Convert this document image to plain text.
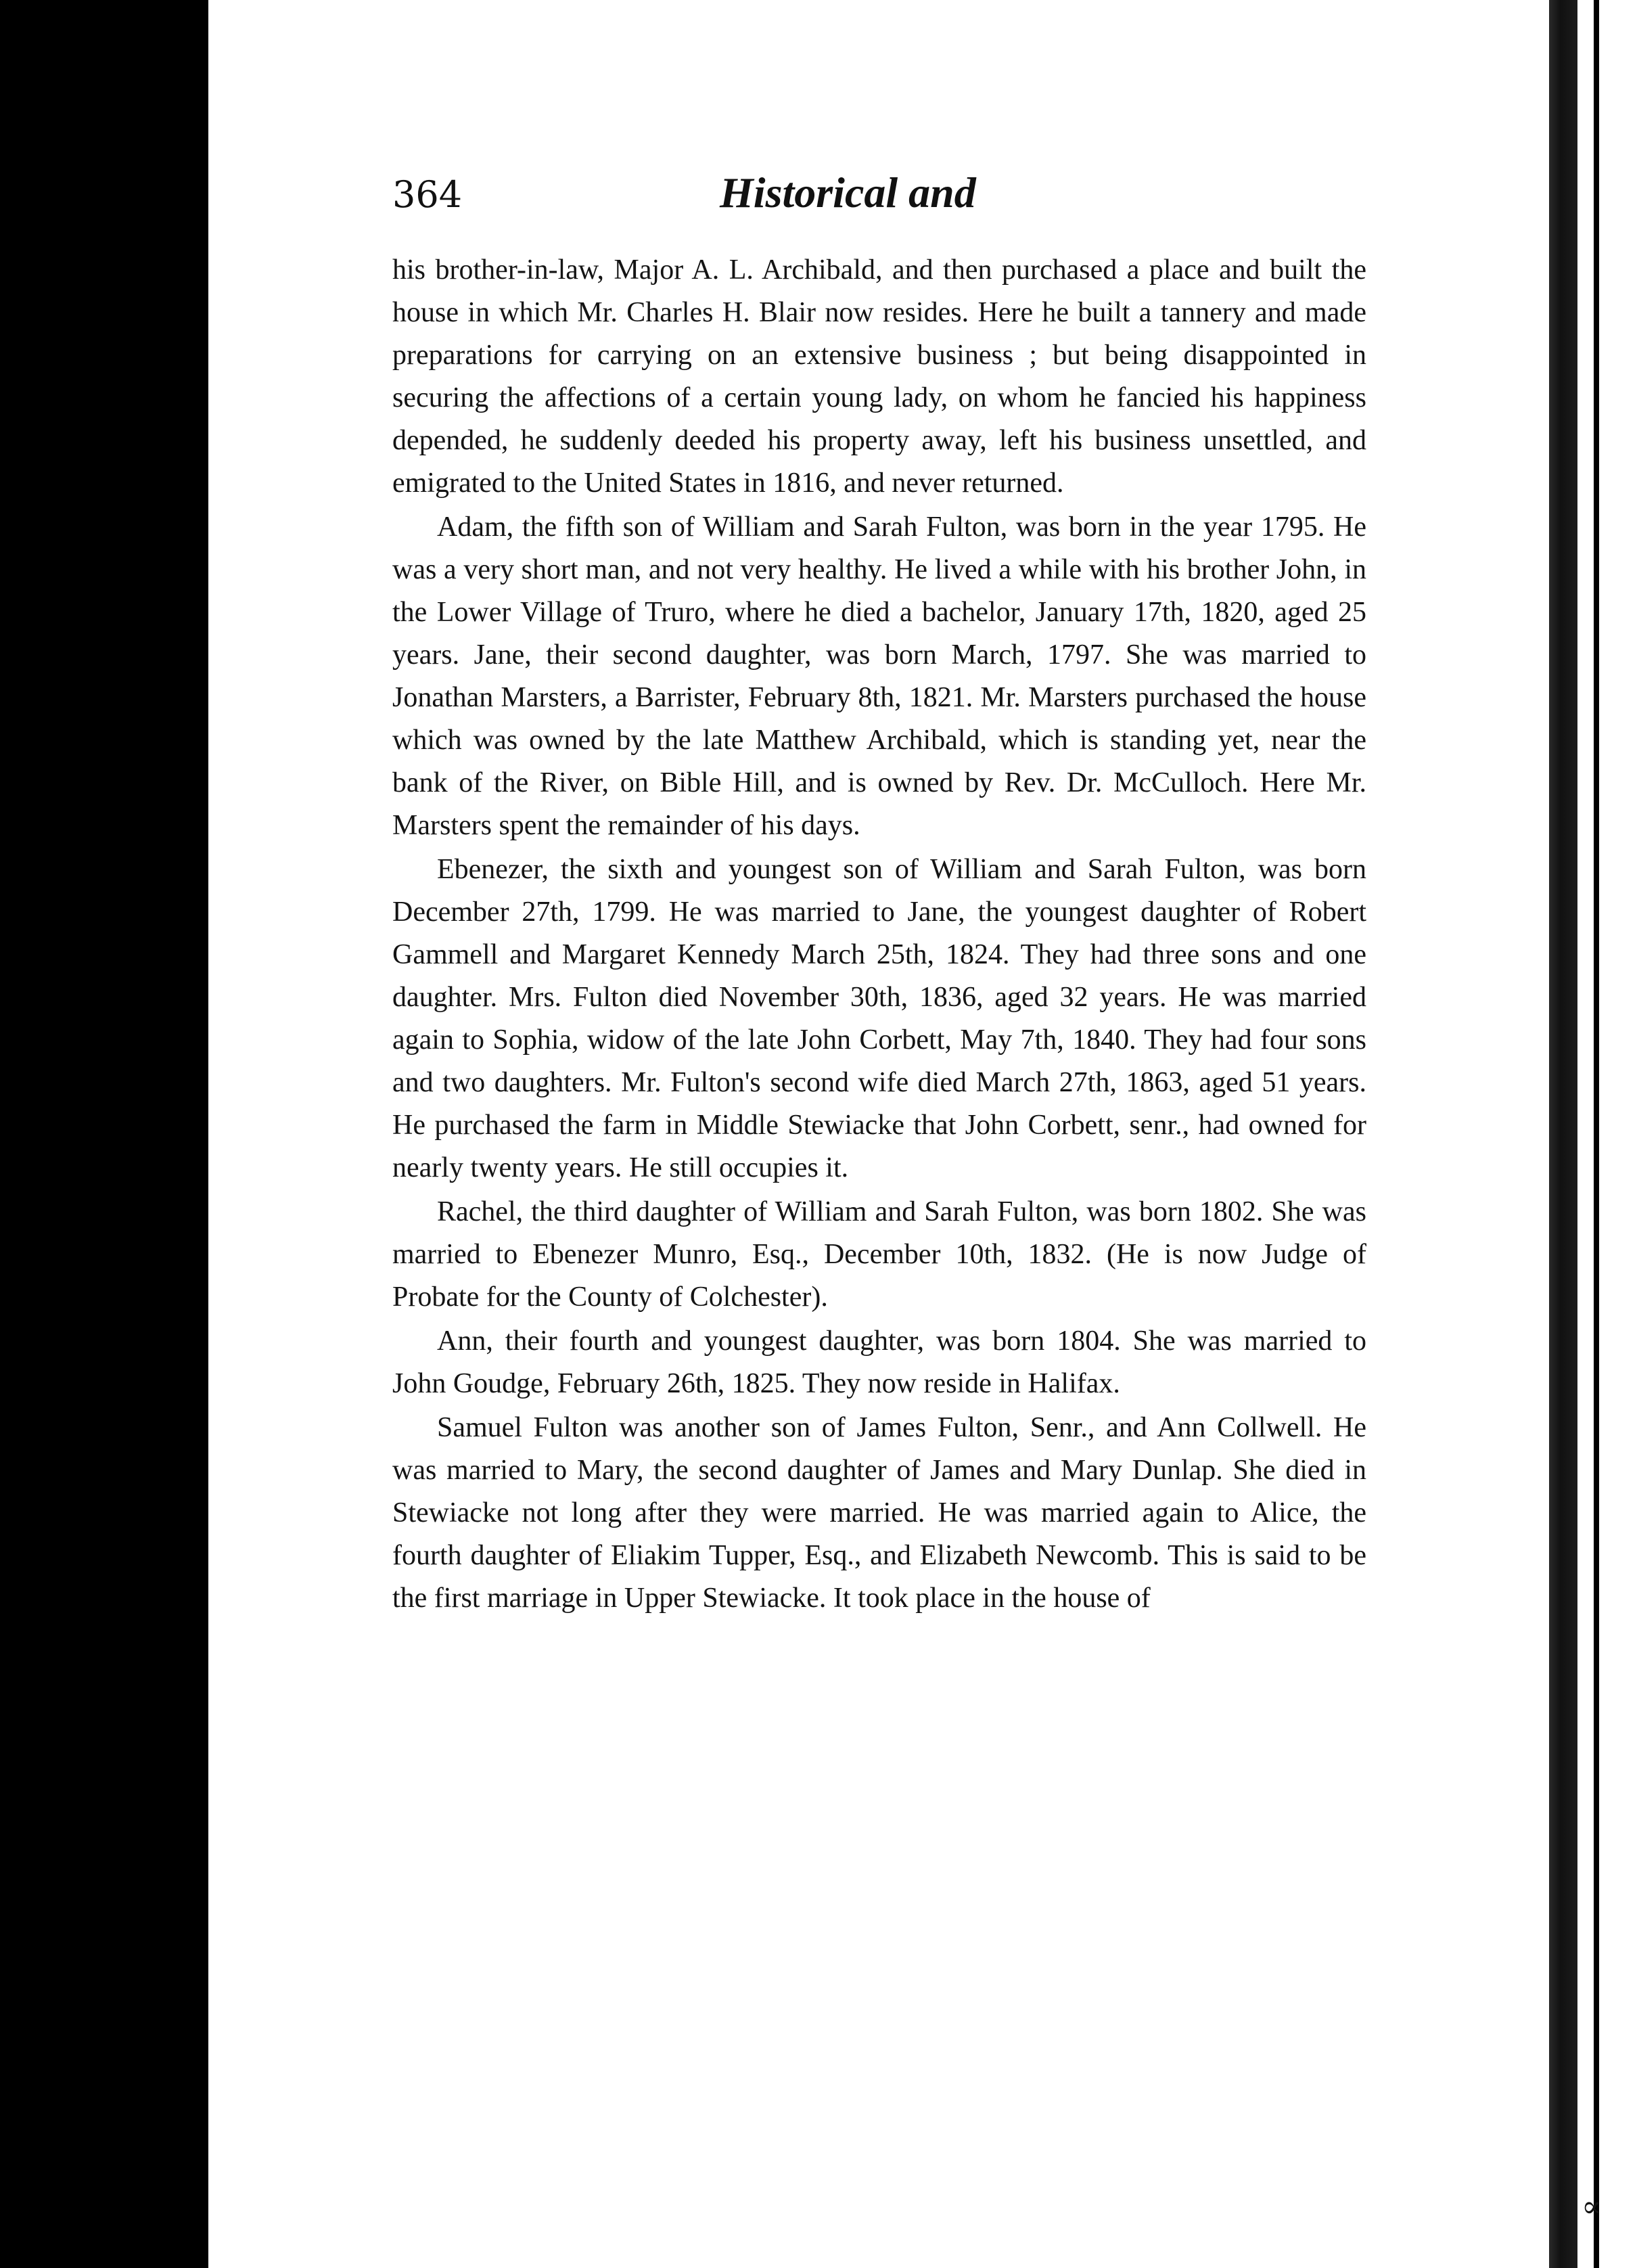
364	Historical and

his brother-in-law, Major A. L. Archibald, and then purchased a place and built the house in which Mr. Charles H. Blair now resides. Here he built a tannery and made preparations for carrying on an extensive business ; but being disappointed in securing the affections of a certain young lady, on whom he fancied his happiness depended, he suddenly deeded his property away, left his business unsettled, and emigrated to the United States in 1816, and never returned.

Adam, the fifth son of William and Sarah Fulton, was born in the year 1795. He was a very short man, and not very healthy. He lived a while with his brother John, in the Lower Village of Truro, where he died a bachelor, January 17th, 1820, aged 25 years. Jane, their second daughter, was born March, 1797. She was married to Jonathan Marsters, a Barrister, February 8th, 1821. Mr. Marsters purchased the house which was owned by the late Matthew Archibald, which is standing yet, near the bank of the River, on Bible Hill, and is owned by Rev. Dr. McCulloch. Here Mr. Marsters spent the remainder of his days.

Ebenezer, the sixth and youngest son of William and Sarah Fulton, was born December 27th, 1799. He was married to Jane, the youngest daughter of Robert Gammell and Margaret Kennedy March 25th, 1824. They had three sons and one daughter. Mrs. Fulton died November 30th, 1836, aged 32 years. He was married again to Sophia, widow of the late John Corbett, May 7th, 1840. They had four sons and two daughters. Mr. Fulton's second wife died March 27th, 1863, aged 51 years. He purchased the farm in Middle Stewiacke that John Corbett, senr., had owned for nearly twenty years. He still occupies it.

Rachel, the third daughter of William and Sarah Fulton, was born 1802. She was married to Ebenezer Munro, Esq., December 10th, 1832. (He is now Judge of Probate for the County of Colchester).

Ann, their fourth and youngest daughter, was born 1804. She was married to John Goudge, February 26th, 1825. They now reside in Halifax.

Samuel Fulton was another son of James Fulton, Senr., and Ann Collwell. He was married to Mary, the second daughter of James and Mary Dunlap. She died in Stewiacke not long after they were married. He was married again to Alice, the fourth daughter of Eliakim Tupper, Esq., and Elizabeth Newcomb. This is said to be the first marriage in Upper Stewiacke. It took place in the house of

∝
